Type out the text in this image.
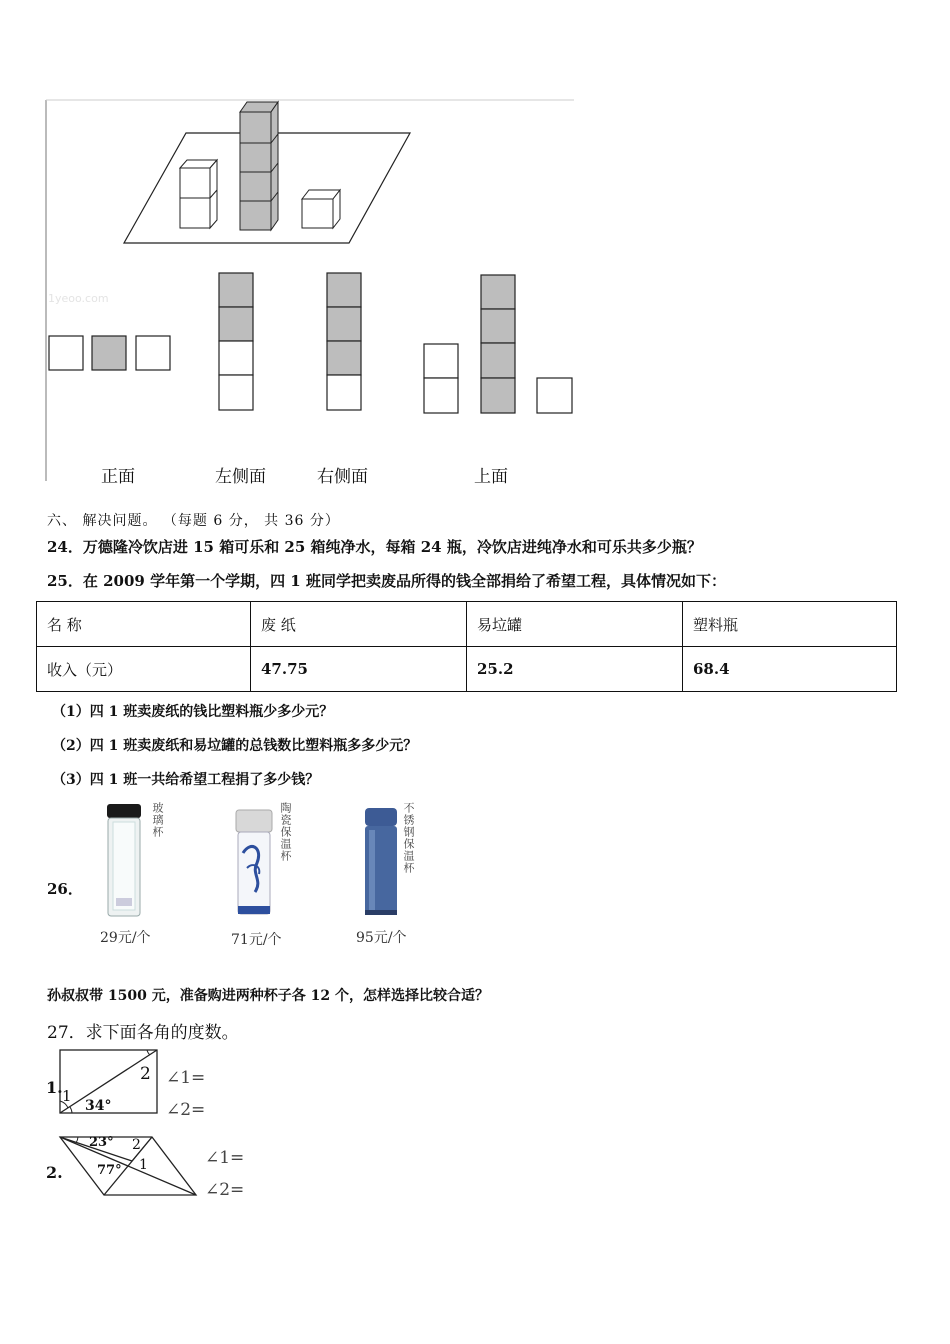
1yeoo.com
正面	左侧面	右侧面	上面
六、 解决问题。 （每题 6 分， 共 36 分）
24．万德隆冷饮店进 15 箱可乐和 25 箱纯净水，每箱 24 瓶，冷饮店进纯净水和可乐共多少瓶？
25．在 2009 学年第一个学期，四 1 班同学把卖废品所得的钱全部捐给了希望工程，具体情况如下：
名 称	废 纸	易垃罐	塑料瓶
收入（元）	47.75	25.2	68.4
（1）四 1 班卖废纸的钱比塑料瓶少多少元？
（2）四 1 班卖废纸和易垃罐的总钱数比塑料瓶多多少元？
（3）四 1 班一共给希望工程捐了多少钱？
26．
玻璃杯
29元/个
陶瓷保温杯
71元/个
不锈钢保温杯
95元/个
孙叔叔带 1500 元，准备购进两种杯子各 12 个，怎样选择比较合适？
27．求下面各角的度数。
1. 1
2
34°
∠1=
∠2=
2.
23°
77°
2
1	∠1=
∠2=
